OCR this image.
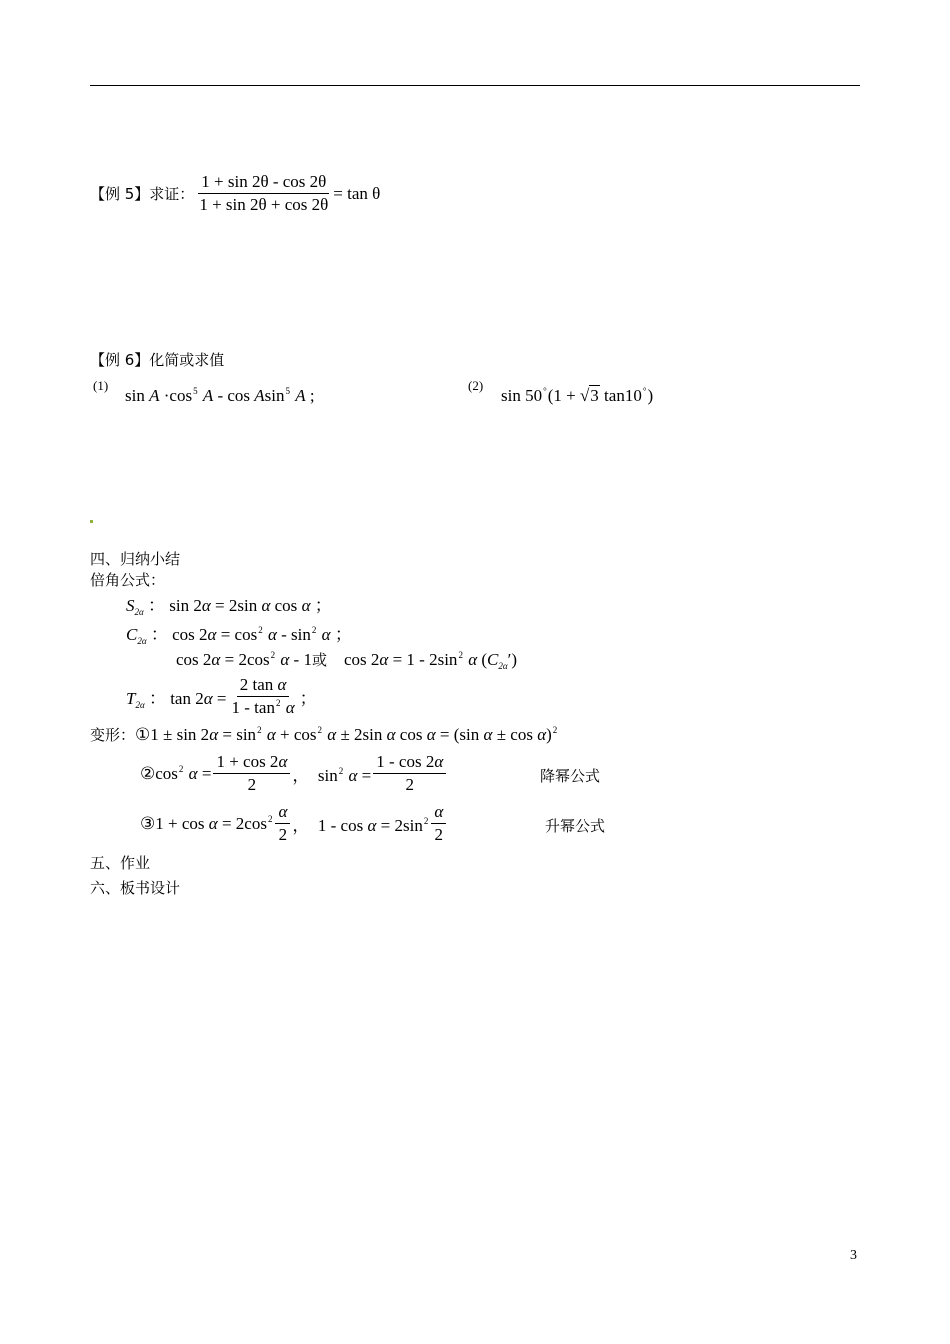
【例 5】求证： $\frac{1 + \sin 2\theta - \cos 2\theta}{1 + \sin 2\theta + \cos 2\theta} = \tan \theta$
【例 6】化简或求值
(1)
$\sin A \cdot\cos^5$ A - cos Asin$^5$ A ;
(2)
sin 50°(1 + √3 tan10°)
四、归纳小结
倍角公式：
$S_{2\alpha}$ ： sin 2α = 2sin α cos α ；
$C_{2\alpha}$ ： $\cos 2\alpha = \cos^2 \alpha - \sin^2 \alpha$ ；
$\cos 2\alpha = 2\cos^2$ α - 1或    $\cos 2\alpha = 1 - 2\sin^2$ α $(C_{2\alpha}')$
$T_{2\alpha}$ ： $\tan 2\alpha = \frac{\text{2 tan α}}{1 - \tan^2 \alpha}$ ；
变形： ①1 ± $\sin 2\alpha = \sin^2 \alpha + \cos^2 \alpha \pm 2\sin$ α cos α = (sin α ± cos α)$^2$
$②\cos^2$ $\alpha = \frac{1 + \cos 2\alpha}{2}$ ，  $\sin^2 \alpha = \frac{1 - \cos 2\alpha}{2}$	降幂公式
③1 + $\cos \alpha = 2\cos^2 \frac{\alpha}{2}$ ，  $1 - \cos \alpha = 2\sin^2 \frac{\alpha}{2}$	升幂公式
五、作业
六、板书设计
3
